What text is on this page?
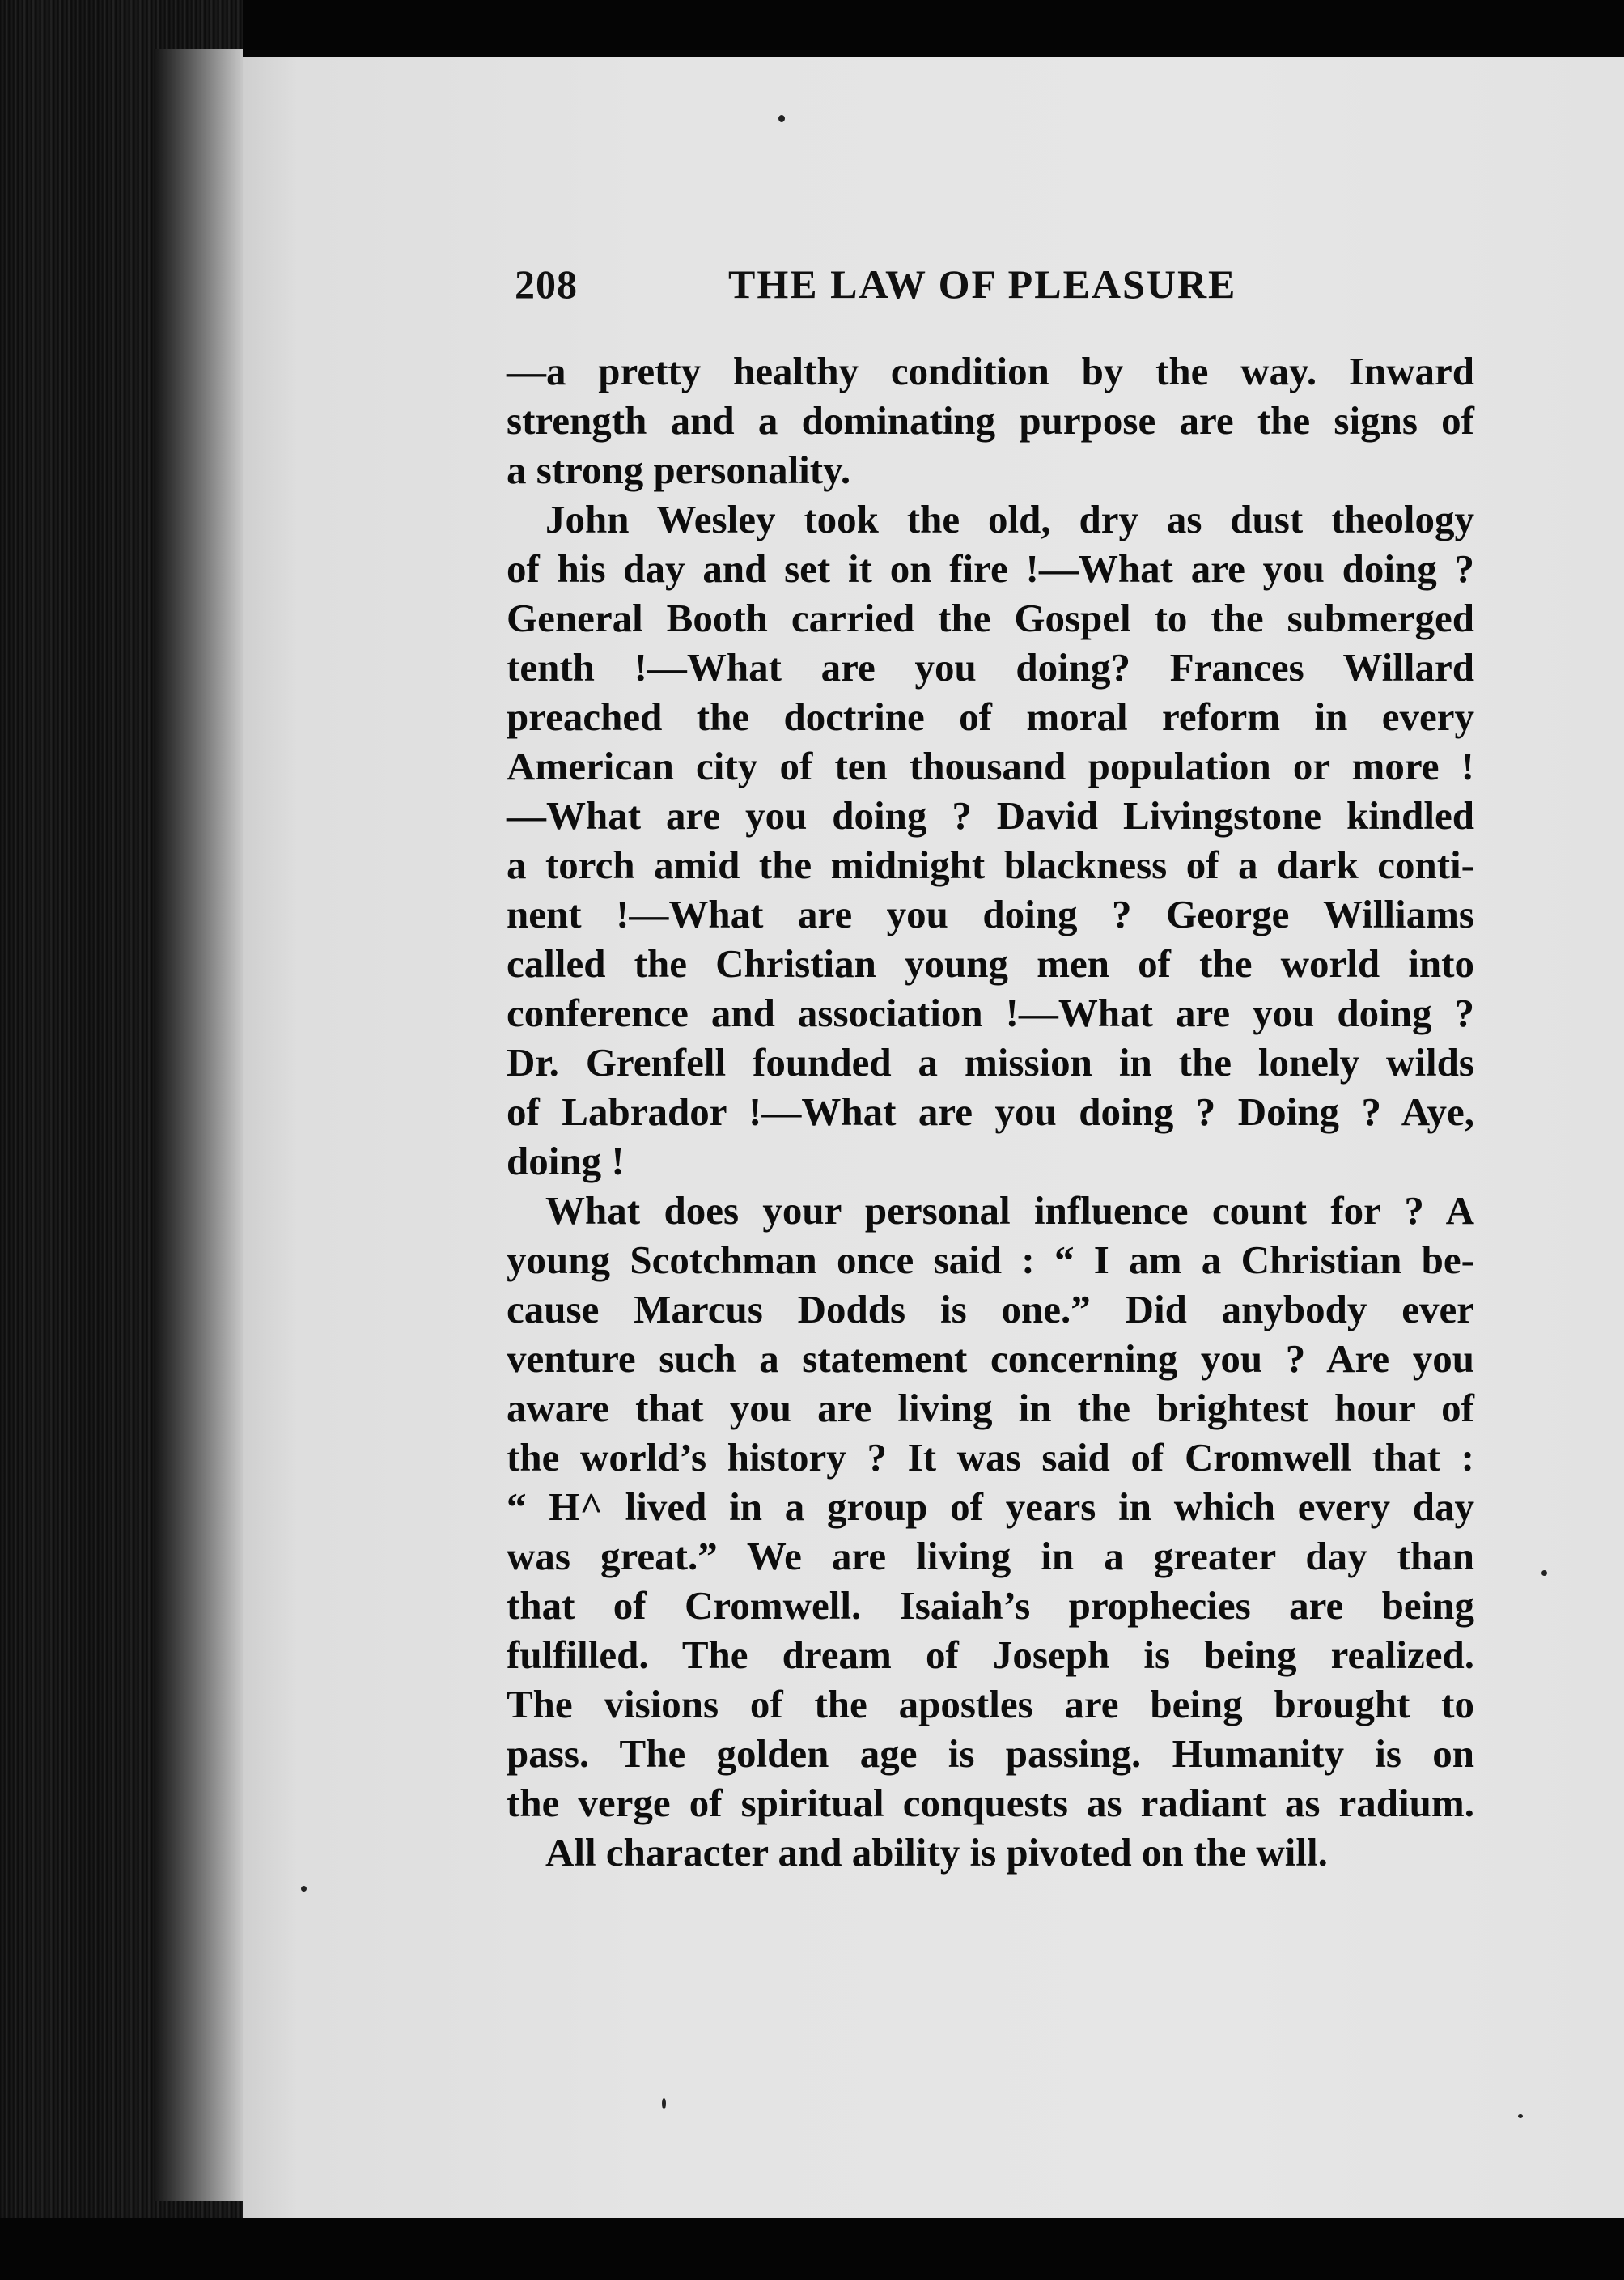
208	THE LAW OF PLEASURE
—a pretty healthy condition by the way. Inward
strength and a dominating purpose are the signs of
a strong personality.
John Wesley took the old, dry as dust theology
of his day and set it on fire !—What are you doing ?
General Booth carried the Gospel to the submerged
tenth !—What are you doing? Frances Willard
preached the doctrine of moral reform in every
American city of ten thousand population or more !
—What are you doing ? David Livingstone kindled
a torch amid the midnight blackness of a dark conti-
nent !—What are you doing ? George Williams
called the Christian young men of the world into
conference and association !—What are you doing ?
Dr. Grenfell founded a mission in the lonely wilds
of Labrador !—What are you doing ? Doing ? Aye,
doing !
What does your personal influence count for ? A
young Scotchman once said : “ I am a Christian be-
cause Marcus Dodds is one.” Did anybody ever
venture such a statement concerning you ? Are you
aware that you are living in the brightest hour of
the world’s history ? It was said of Cromwell that :
“ H^ lived in a group of years in which every day
was great.” We are living in a greater day than
that of Cromwell. Isaiah’s prophecies are being
fulfilled. The dream of Joseph is being realized.
The visions of the apostles are being brought to
pass. The golden age is passing. Humanity is on
the verge of spiritual conquests as radiant as radium.
All character and ability is pivoted on the will.
